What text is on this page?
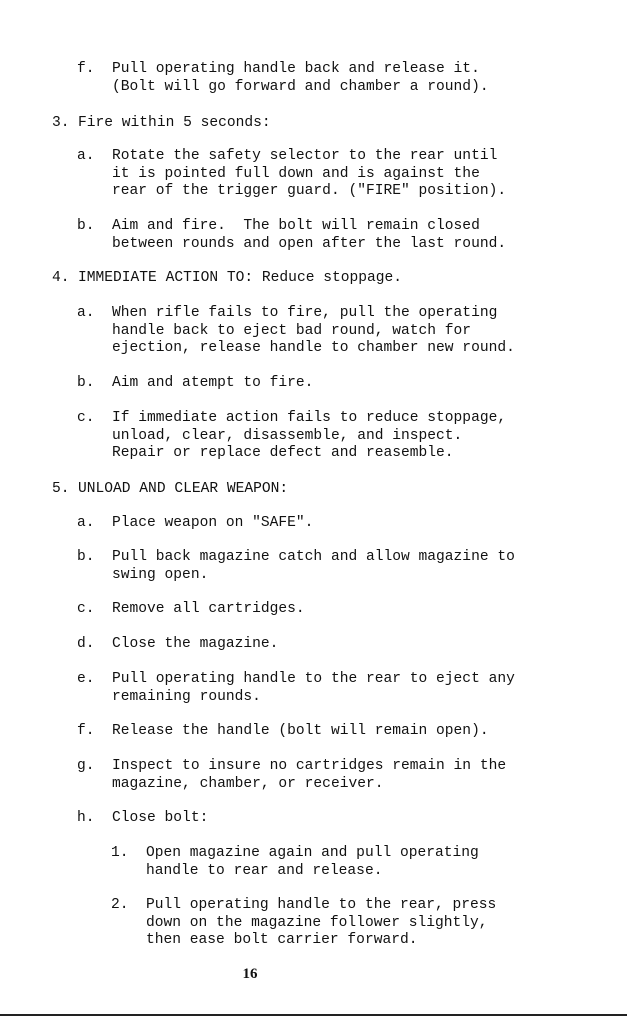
f. Pull operating handle back and release it.
(Bolt will go forward and chamber a round).
3. Fire within 5 seconds:
a. Rotate the safety selector to the rear until
it is pointed full down and is against the
rear of the trigger guard. ("FIRE" position).
b. Aim and fire.  The bolt will remain closed
between rounds and open after the last round.
4. IMMEDIATE ACTION TO: Reduce stoppage.
a. When rifle fails to fire, pull the operating
handle back to eject bad round, watch for
ejection, release handle to chamber new round.
b. Aim and atempt to fire.
c. If immediate action fails to reduce stoppage,
unload, clear, disassemble, and inspect.
Repair or replace defect and reasemble.
5. UNLOAD AND CLEAR WEAPON:
a. Place weapon on "SAFE".
b. Pull back magazine catch and allow magazine to
swing open.
c. Remove all cartridges.
d. Close the magazine.
e. Pull operating handle to the rear to eject any
remaining rounds.
f. Release the handle (bolt will remain open).
g. Inspect to insure no cartridges remain in the
magazine, chamber, or receiver.
h. Close bolt:
1. Open magazine again and pull operating
handle to rear and release.
2. Pull operating handle to the rear, press
down on the magazine follower slightly,
then ease bolt carrier forward.
16
